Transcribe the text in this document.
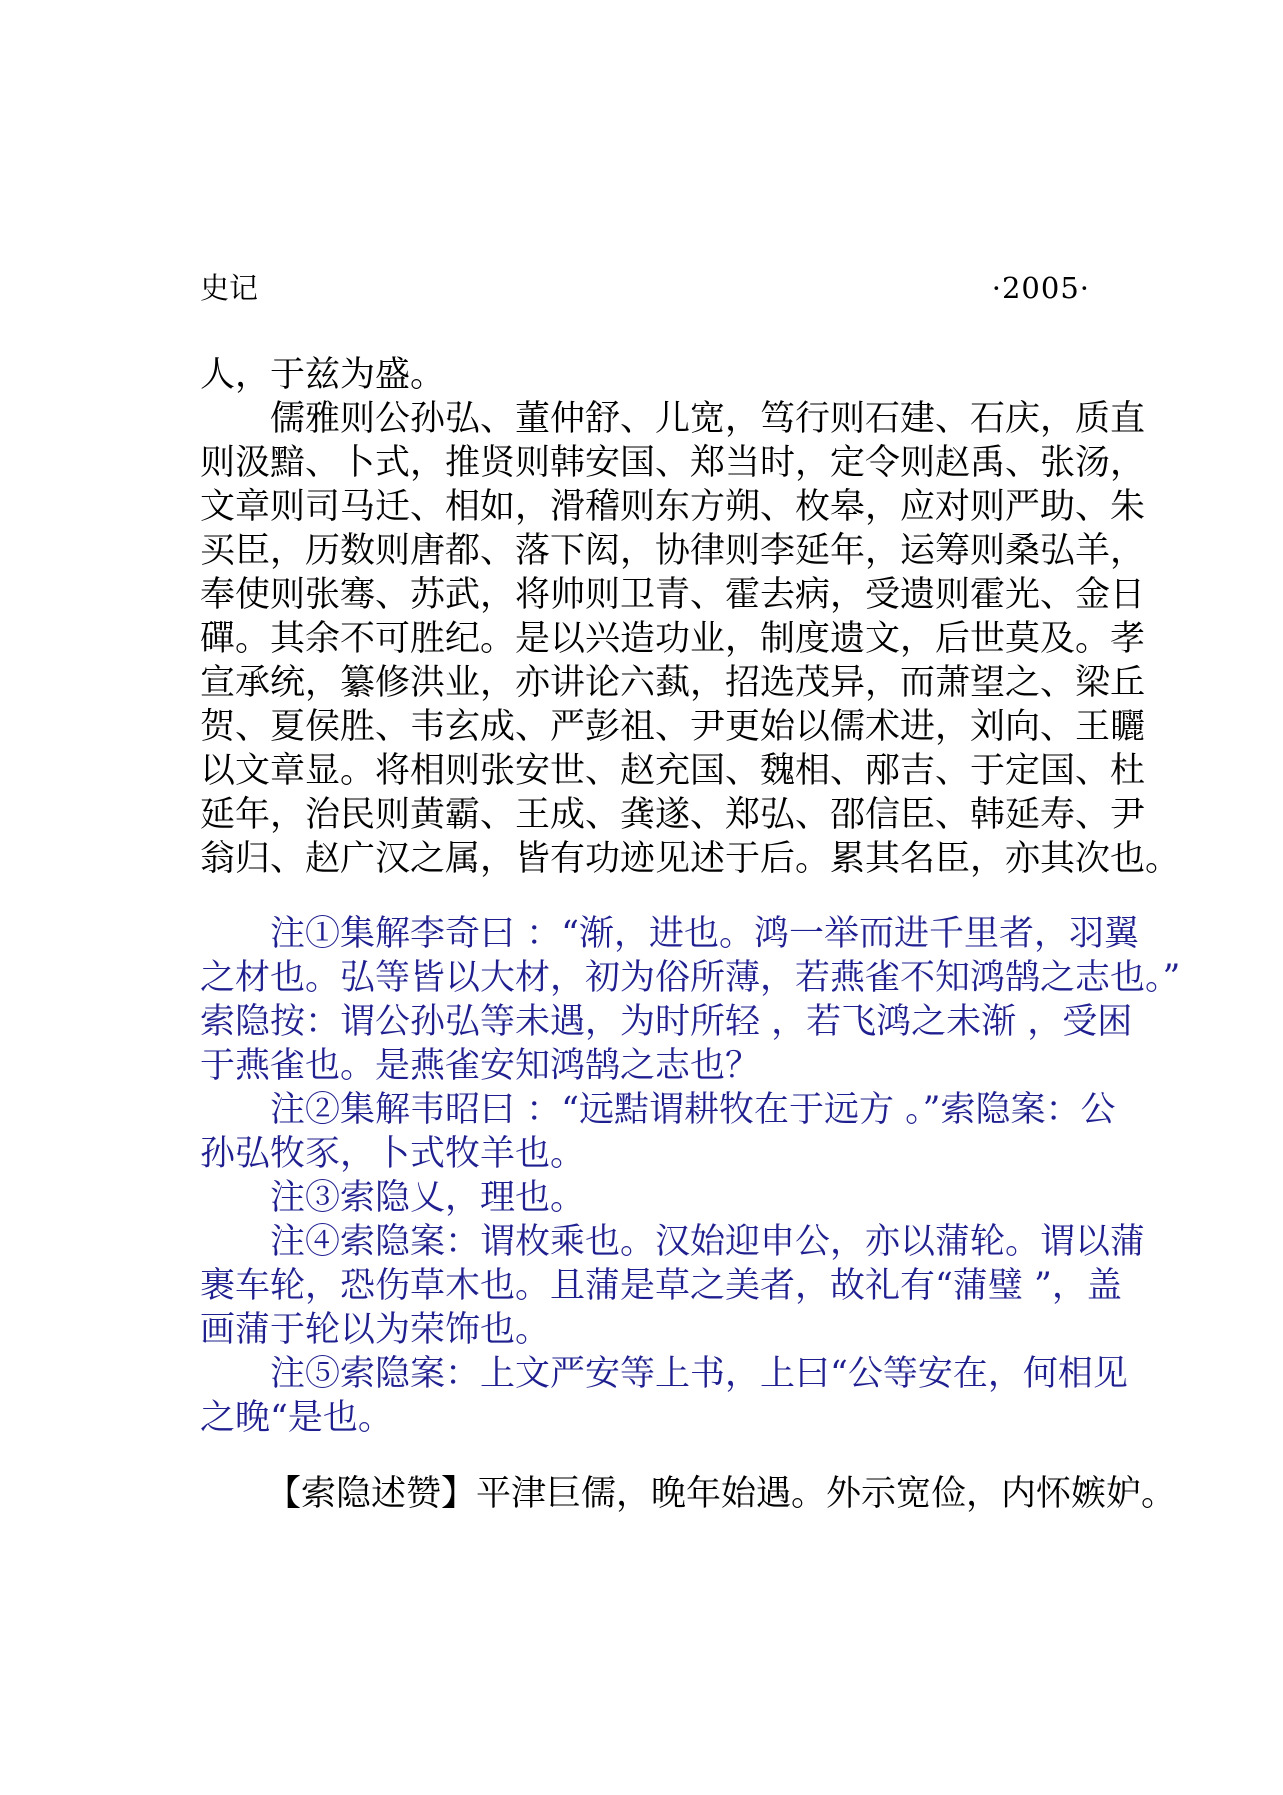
史记	·2005·
人，于兹为盛。
儒雅则公孙弘、董仲舒、儿宽，笃行则石建、石庆，质直
则汲黯、卜式，推贤则韩安国、郑当时，定令则赵禹、张汤，
文章则司马迁、相如，滑稽则东方朔、枚皋，应对则严助、朱
买臣，历数则唐都、落下闳，协律则李延年，运筹则桑弘羊，
奉使则张骞、苏武，将帅则卫青、霍去病，受遗则霍光、金日
磾。其余不可胜纪。是以兴造功业，制度遗文，后世莫及。孝
宣承统，纂修洪业，亦讲论六蓺，招选茂异，而萧望之、梁丘
贺、夏侯胜、韦玄成、严彭祖、尹更始以儒术进，刘向、王矖
以文章显。将相则张安世、赵充国、魏相、邴吉、于定国、杜
延年，治民则黄霸、王成、龚遂、郑弘、邵信臣、韩延寿、尹
翁归、赵广汉之属，皆有功迹见述于后。累其名臣，亦其次也。
注①集解李奇曰 ：“渐，进也。鸿一举而进千里者，羽翼
之材也。弘等皆以大材，初为俗所薄，若燕雀不知鸿鹄之志也。”
索隐按：谓公孙弘等未遇，为时所轻 ，若飞鸿之未渐 ，受困
于燕雀也。是燕雀安知鸿鹄之志也？
注②集解韦昭曰 ：“远黠谓耕牧在于远方 。”索隐案：公
孙弘牧豕，卜式牧羊也。
注③索隐乂，理也。
注④索隐案：谓枚乘也。汉始迎申公，亦以蒲轮。谓以蒲
裹车轮，恐伤草木也。且蒲是草之美者，故礼有“蒲璧 ”，盖
画蒲于轮以为荣饰也。
注⑤索隐案：上文严安等上书，上曰“公等安在，何相见
之晚“是也。
【索隐述赞】平津巨儒，晚年始遇。外示宽俭，内怀嫉妒。
